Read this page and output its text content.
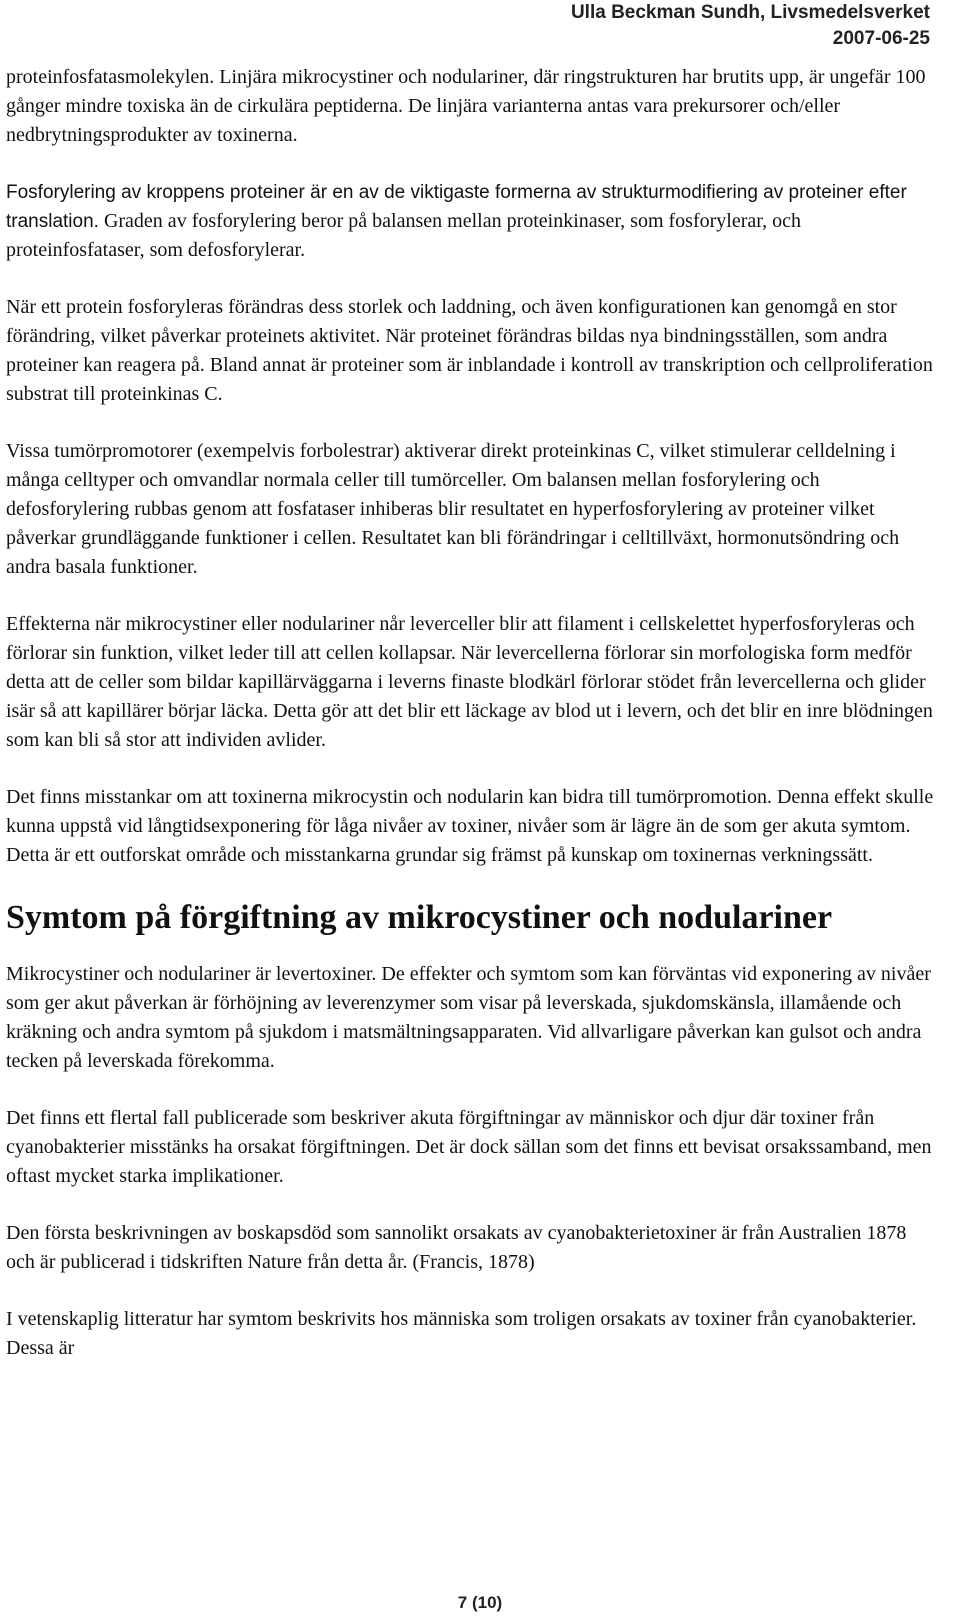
Ulla Beckman Sundh, Livsmedelsverket
2007-06-25

proteinfosfatasmolekylen. Linjära mikrocystiner och nodulariner, där ringstrukturen har brutits upp, är ungefär 100 gånger mindre toxiska än de cirkulära peptiderna. De linjära varianterna antas vara prekursorer och/eller nedbrytningsprodukter av toxinerna.

Fosforylering av kroppens proteiner är en av de viktigaste formerna av strukturmodifiering av proteiner efter translation. Graden av fosforylering beror på balansen mellan proteinkinaser, som fosforylerar, och proteinfosfataser, som defosforylerar.

När ett protein fosforyleras förändras dess storlek och laddning, och även konfigurationen kan genomgå en stor förändring, vilket påverkar proteinets aktivitet. När proteinet förändras bildas nya bindningsställen, som andra proteiner kan reagera på. Bland annat är proteiner som är inblandade i kontroll av transkription och cellproliferation substrat till proteinkinas C.

Vissa tumörpromotorer (exempelvis forbolestrar) aktiverar direkt proteinkinas C, vilket stimulerar celldelning i många celltyper och omvandlar normala celler till tumörceller. Om balansen mellan fosforylering och defosforylering rubbas genom att fosfataser inhiberas blir resultatet en hyperfosforylering av proteiner vilket påverkar grundläggande funktioner i cellen. Resultatet kan bli förändringar i celltillväxt, hormonutsöndring och andra basala funktioner.

Effekterna när mikrocystiner eller nodulariner når leverceller blir att filament i cellskelettet hyperfosforyleras och förlorar sin funktion, vilket leder till att cellen kollapsar. När levercellerna förlorar sin morfologiska form medför detta att de celler som bildar kapillärväggarna i leverns finaste blodkärl förlorar stödet från levercellerna och glider isär så att kapillärer börjar läcka. Detta gör att det blir ett läckage av blod ut i levern, och det blir en inre blödningen som kan bli så stor att individen avlider.

Det finns misstankar om att toxinerna mikrocystin och nodularin kan bidra till tumörpromotion. Denna effekt skulle kunna uppstå vid långtidsexponering för låga nivåer av toxiner, nivåer som är lägre än de som ger akuta symtom. Detta är ett outforskat område och misstankarna grundar sig främst på kunskap om toxinernas verkningssätt.

Symtom på förgiftning av mikrocystiner och nodulariner

Mikrocystiner och nodulariner är levertoxiner. De effekter och symtom som kan förväntas vid exponering av nivåer som ger akut påverkan är förhöjning av leverenzymer som visar på leverskada, sjukdomskänsla, illamående och kräkning och andra symtom på sjukdom i matsmältningsapparaten. Vid allvarligare påverkan kan gulsot och andra tecken på leverskada förekomma.

Det finns ett flertal fall publicerade som beskriver akuta förgiftningar av människor och djur där toxiner från cyanobakterier misstänks ha orsakat förgiftningen. Det är dock sällan som det finns ett bevisat orsakssamband, men oftast mycket starka implikationer.

Den första beskrivningen av boskapsdöd som sannolikt orsakats av cyanobakterietoxiner är från Australien 1878 och är publicerad i tidskriften Nature från detta år. (Francis, 1878)

I vetenskaplig litteratur har symtom beskrivits hos människa som troligen orsakats av toxiner från cyanobakterier. Dessa är

7 (10)
